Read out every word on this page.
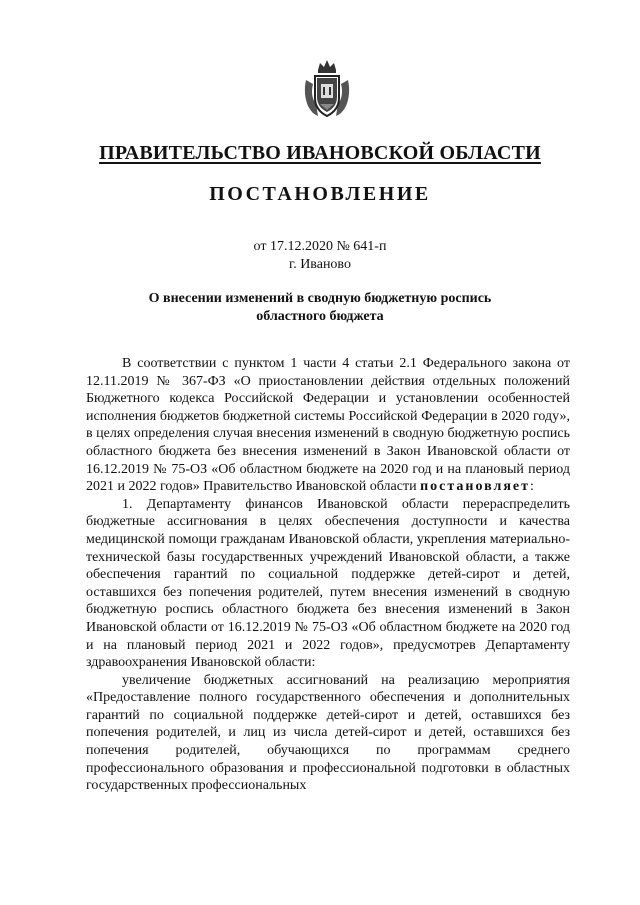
ПРАВИТЕЛЬСТВО ИВАНОВСКОЙ ОБЛАСТИ
ПОСТАНОВЛЕНИЕ
от 17.12.2020 № 641-п
г. Иваново
О внесении изменений в сводную бюджетную роспись
областного бюджета

В соответствии с пунктом 1 части 4 статьи 2.1 Федерального закона от 12.11.2019 № 367-ФЗ «О приостановлении действия отдельных положений Бюджетного кодекса Российской Федерации и установлении особенностей исполнения бюджетов бюджетной системы Российской Федерации в 2020 году», в целях определения случая внесения изменений в сводную бюджетную роспись областного бюджета без внесения изменений в Закон Ивановской области от 16.12.2019 № 75-ОЗ «Об областном бюджете на 2020 год и на плановый период 2021 и 2022 годов» Правительство Ивановской области постановляет:

1. Департаменту финансов Ивановской области перераспределить бюджетные ассигнования в целях обеспечения доступности и качества медицинской помощи гражданам Ивановской области, укрепления материально-технической базы государственных учреждений Ивановской области, а также обеспечения гарантий по социальной поддержке детей-сирот и детей, оставшихся без попечения родителей, путем внесения изменений в сводную бюджетную роспись областного бюджета без внесения изменений в Закон Ивановской области от 16.12.2019 № 75-ОЗ «Об областном бюджете на 2020 год и на плановый период 2021 и 2022 годов», предусмотрев Департаменту здравоохранения Ивановской области:

увеличение бюджетных ассигнований на реализацию мероприятия «Предоставление полного государственного обеспечения и дополнительных гарантий по социальной поддержке детей-сирот и детей, оставшихся без попечения родителей, и лиц из числа детей-сирот и детей, оставшихся без попечения родителей, обучающихся по программам среднего профессионального образования и профессиональной подготовки в областных государственных профессиональных
